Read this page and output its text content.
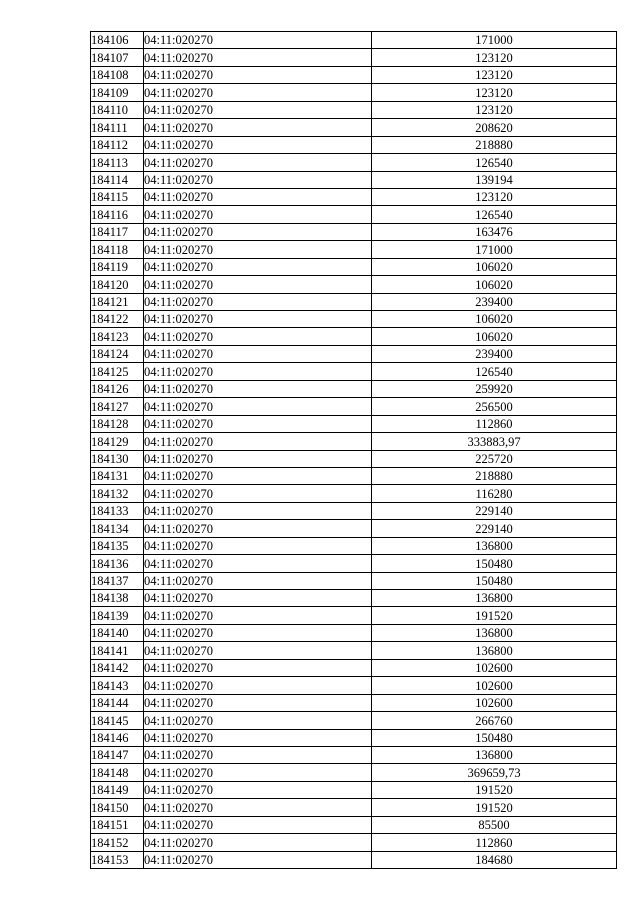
184106	04:11:020270	171000
184107	04:11:020270	123120
184108	04:11:020270	123120
184109	04:11:020270	123120
184110	04:11:020270	123120
184111	04:11:020270	208620
184112	04:11:020270	218880
184113	04:11:020270	126540
184114	04:11:020270	139194
184115	04:11:020270	123120
184116	04:11:020270	126540
184117	04:11:020270	163476
184118	04:11:020270	171000
184119	04:11:020270	106020
184120	04:11:020270	106020
184121	04:11:020270	239400
184122	04:11:020270	106020
184123	04:11:020270	106020
184124	04:11:020270	239400
184125	04:11:020270	126540
184126	04:11:020270	259920
184127	04:11:020270	256500
184128	04:11:020270	112860
184129	04:11:020270	333883,97
184130	04:11:020270	225720
184131	04:11:020270	218880
184132	04:11:020270	116280
184133	04:11:020270	229140
184134	04:11:020270	229140
184135	04:11:020270	136800
184136	04:11:020270	150480
184137	04:11:020270	150480
184138	04:11:020270	136800
184139	04:11:020270	191520
184140	04:11:020270	136800
184141	04:11:020270	136800
184142	04:11:020270	102600
184143	04:11:020270	102600
184144	04:11:020270	102600
184145	04:11:020270	266760
184146	04:11:020270	150480
184147	04:11:020270	136800
184148	04:11:020270	369659,73
184149	04:11:020270	191520
184150	04:11:020270	191520
184151	04:11:020270	85500
184152	04:11:020270	112860
184153	04:11:020270	184680
